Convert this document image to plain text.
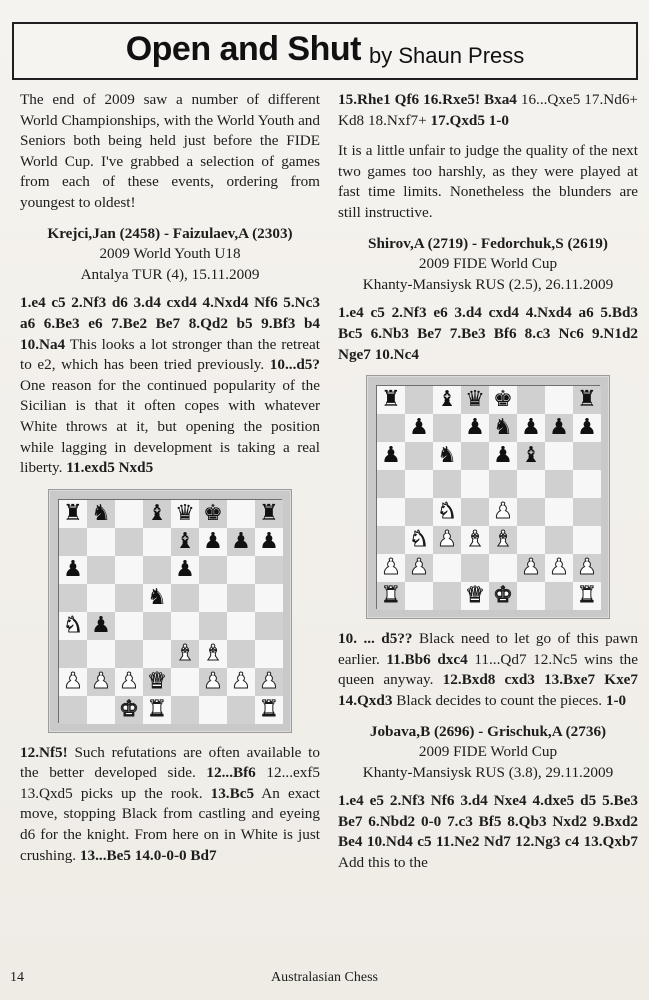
Open and Shut by Shaun Press

The end of 2009 saw a number of different World Championships, with the World Youth and Seniors both being held just before the FIDE World Cup. I've grabbed a selection of games from each of these events, ordering from youngest to oldest!

Krejci,Jan (2458) - Faizulaev,A (2303)
2009 World Youth U18
Antalya TUR (4), 15.11.2009

1.e4 c5 2.Nf3 d6 3.d4 cxd4 4.Nxd4 Nf6 5.Nc3 a6 6.Be3 e6 7.Be2 Be7 8.Qd2 b5 9.Bf3 b4 10.Na4 This looks a lot stronger than the retreat to e2, which has been tried previously. 10...d5? One reason for the continued popularity of the Sicilian is that it often copes with whatever White throws at it, but opening the position while lagging in development is taking a real liberty. 11.exd5 Nxd5

♜ ♞ ♝ ♛ ♚ ♜
♝ ♟ ♟ ♟
♟	♟
♞
♞ ♟
♝ ♝
♟ ♟ ♟ ♛ ♟ ♟ ♟
♚ ♜	♜

12.Nf5! Such refutations are often available to the better developed side. 12...Bf6 12...exf5 13.Qxd5 picks up the rook. 13.Bc5 An exact move, stopping Black from castling and eyeing d6 for the knight. From here on in White is just crushing. 13...Be5 14.0-0-0 Bd7

15.Rhe1 Qf6 16.Rxe5! Bxa4 16...Qxe5 17.Nd6+ Kd8 18.Nxf7+ 17.Qxd5 1-0

It is a little unfair to judge the quality of the next two games too harshly, as they were played at fast time limits. Nonetheless the blunders are still instructive.

Shirov,A (2719) - Fedorchuk,S (2619)
2009 FIDE World Cup
Khanty-Mansiysk RUS (2.5), 26.11.2009

1.e4 c5 2.Nf3 e6 3.d4 cxd4 4.Nxd4 a6 5.Bd3 Bc5 6.Nb3 Be7 7.Be3 Bf6 8.c3 Nc6 9.N1d2 Nge7 10.Nc4

♜ ♝ ♛ ♚	♜
♟ ♟ ♞ ♟ ♟ ♟
♟ ♞ ♟ ♝
♞ ♟
♞ ♟ ♝ ♝
♟ ♟	♟ ♟ ♟
♜	♛ ♚	♜

10. ... d5?? Black need to let go of this pawn earlier. 11.Bb6 dxc4 11...Qd7 12.Nc5 wins the queen anyway. 12.Bxd8 cxd3 13.Bxe7 Kxe7 14.Qxd3 Black decides to count the pieces. 1-0

Jobava,B (2696) - Grischuk,A (2736)
2009 FIDE World Cup
Khanty-Mansiysk RUS (3.8), 29.11.2009

1.e4 e5 2.Nf3 Nf6 3.d4 Nxe4 4.dxe5 d5 5.Be3 Be7 6.Nbd2 0-0 7.c3 Bf5 8.Qb3 Nxd2 9.Bxd2 Be4 10.Nd4 c5 11.Ne2 Nd7 12.Ng3 c4 13.Qxb7 Add this to the

Australasian Chess
14
